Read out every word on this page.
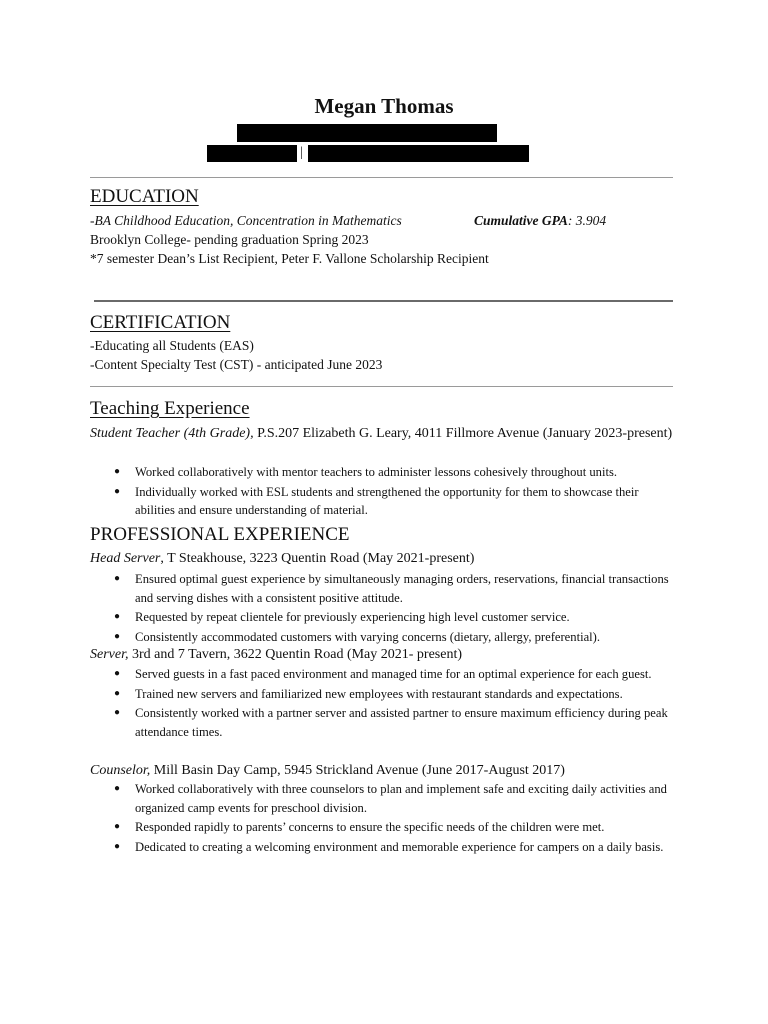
Megan Thomas
|
EDUCATION
-BA Childhood Education, Concentration in Mathematics	Cumulative GPA: 3.904
Brooklyn College- pending graduation Spring 2023
*7 semester Dean’s List Recipient, Peter F. Vallone Scholarship Recipient
CERTIFICATION
-Educating all Students (EAS)
-Content Specialty Test (CST) - anticipated June 2023
Teaching Experience
Student Teacher (4th Grade), P.S.207 Elizabeth G. Leary, 4011 Fillmore Avenue (January 2023-present)
● Worked collaboratively with mentor teachers to administer lessons cohesively throughout units.
● Individually worked with ESL students and strengthened the opportunity for them to showcase their abilities and ensure understanding of material.
PROFESSIONAL EXPERIENCE
Head Server, T Steakhouse, 3223 Quentin Road (May 2021-present)
● Ensured optimal guest experience by simultaneously managing orders, reservations, financial transactions and serving dishes with a consistent positive attitude.
● Requested by repeat clientele for previously experiencing high level customer service.
● Consistently accommodated customers with varying concerns (dietary, allergy, preferential).
Server, 3rd and 7 Tavern, 3622 Quentin Road (May 2021- present)
● Served guests in a fast paced environment and managed time for an optimal experience for each guest.
● Trained new servers and familiarized new employees with restaurant standards and expectations.
● Consistently worked with a partner server and assisted partner to ensure maximum efficiency during peak attendance times.
Counselor, Mill Basin Day Camp, 5945 Strickland Avenue (June 2017-August 2017)
● Worked collaboratively with three counselors to plan and implement safe and exciting daily activities and organized camp events for preschool division.
● Responded rapidly to parents’ concerns to ensure the specific needs of the children were met.
● Dedicated to creating a welcoming environment and memorable experience for campers on a daily basis.
